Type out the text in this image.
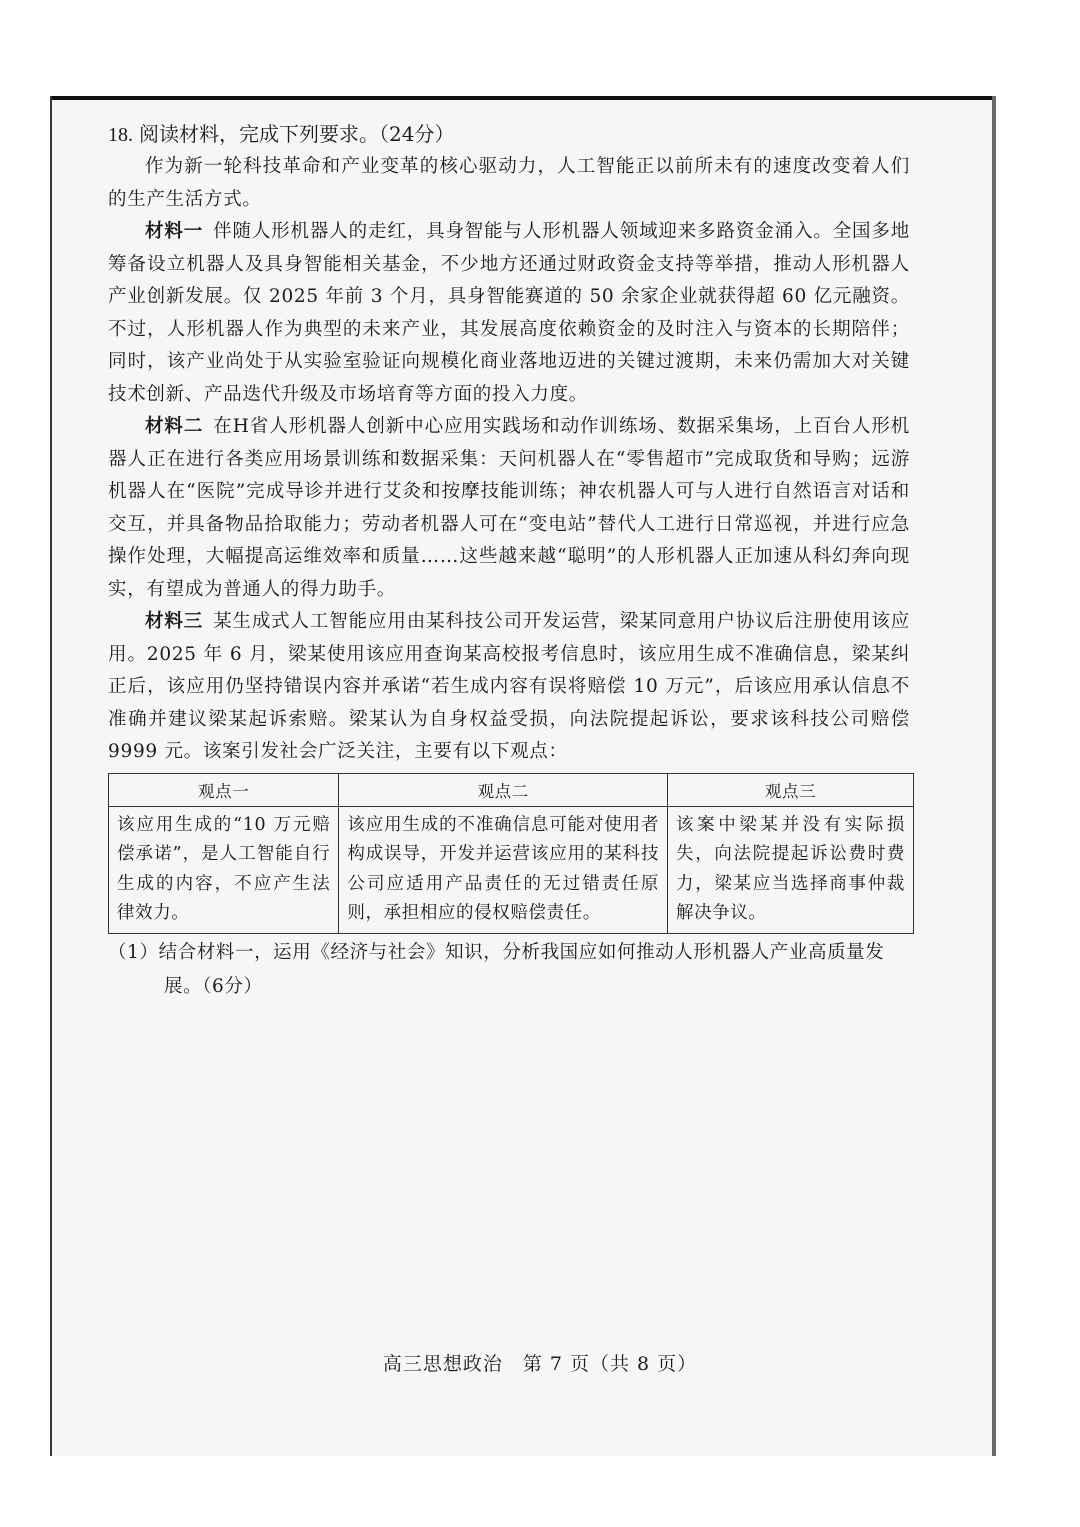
18. 阅读材料，完成下列要求。（24分）

作为新一轮科技革命和产业变革的核心驱动力，人工智能正以前所未有的速度改变着人们的生产生活方式。

材料一 伴随人形机器人的走红，具身智能与人形机器人领域迎来多路资金涌入。全国多地筹备设立机器人及具身智能相关基金，不少地方还通过财政资金支持等举措，推动人形机器人产业创新发展。仅 2025 年前 3 个月，具身智能赛道的 50 余家企业就获得超 60 亿元融资。不过，人形机器人作为典型的未来产业，其发展高度依赖资金的及时注入与资本的长期陪伴；同时，该产业尚处于从实验室验证向规模化商业落地迈进的关键过渡期，未来仍需加大对关键技术创新、产品迭代升级及市场培育等方面的投入力度。

材料二 在H省人形机器人创新中心应用实践场和动作训练场、数据采集场，上百台人形机器人正在进行各类应用场景训练和数据采集：天问机器人在“零售超市”完成取货和导购；远游机器人在“医院”完成导诊并进行艾灸和按摩技能训练；神农机器人可与人进行自然语言对话和交互，并具备物品拾取能力；劳动者机器人可在“变电站”替代人工进行日常巡视，并进行应急操作处理，大幅提高运维效率和质量……这些越来越“聪明”的人形机器人正加速从科幻奔向现实，有望成为普通人的得力助手。

材料三 某生成式人工智能应用由某科技公司开发运营，梁某同意用户协议后注册使用该应用。2025 年 6 月，梁某使用该应用查询某高校报考信息时，该应用生成不准确信息，梁某纠正后，该应用仍坚持错误内容并承诺“若生成内容有误将赔偿 10 万元”，后该应用承认信息不准确并建议梁某起诉索赔。梁某认为自身权益受损，向法院提起诉讼，要求该科技公司赔偿 9999 元。该案引发社会广泛关注，主要有以下观点：

观点一	观点二	观点三
该应用生成的“10 万元赔偿承诺”，是人工智能自行生成的内容，不应产生法律效力。	该应用生成的不准确信息可能对使用者构成误导，开发并运营该应用的某科技公司应适用产品责任的无过错责任原则，承担相应的侵权赔偿责任。	该案中梁某并没有实际损失，向法院提起诉讼费时费力，梁某应当选择商事仲裁解决争议。
（1）结合材料一，运用《经济与社会》知识，分析我国应如何推动人形机器人产业高质量发展。（6分）
高三思想政治　第 7 页（共 8 页）
